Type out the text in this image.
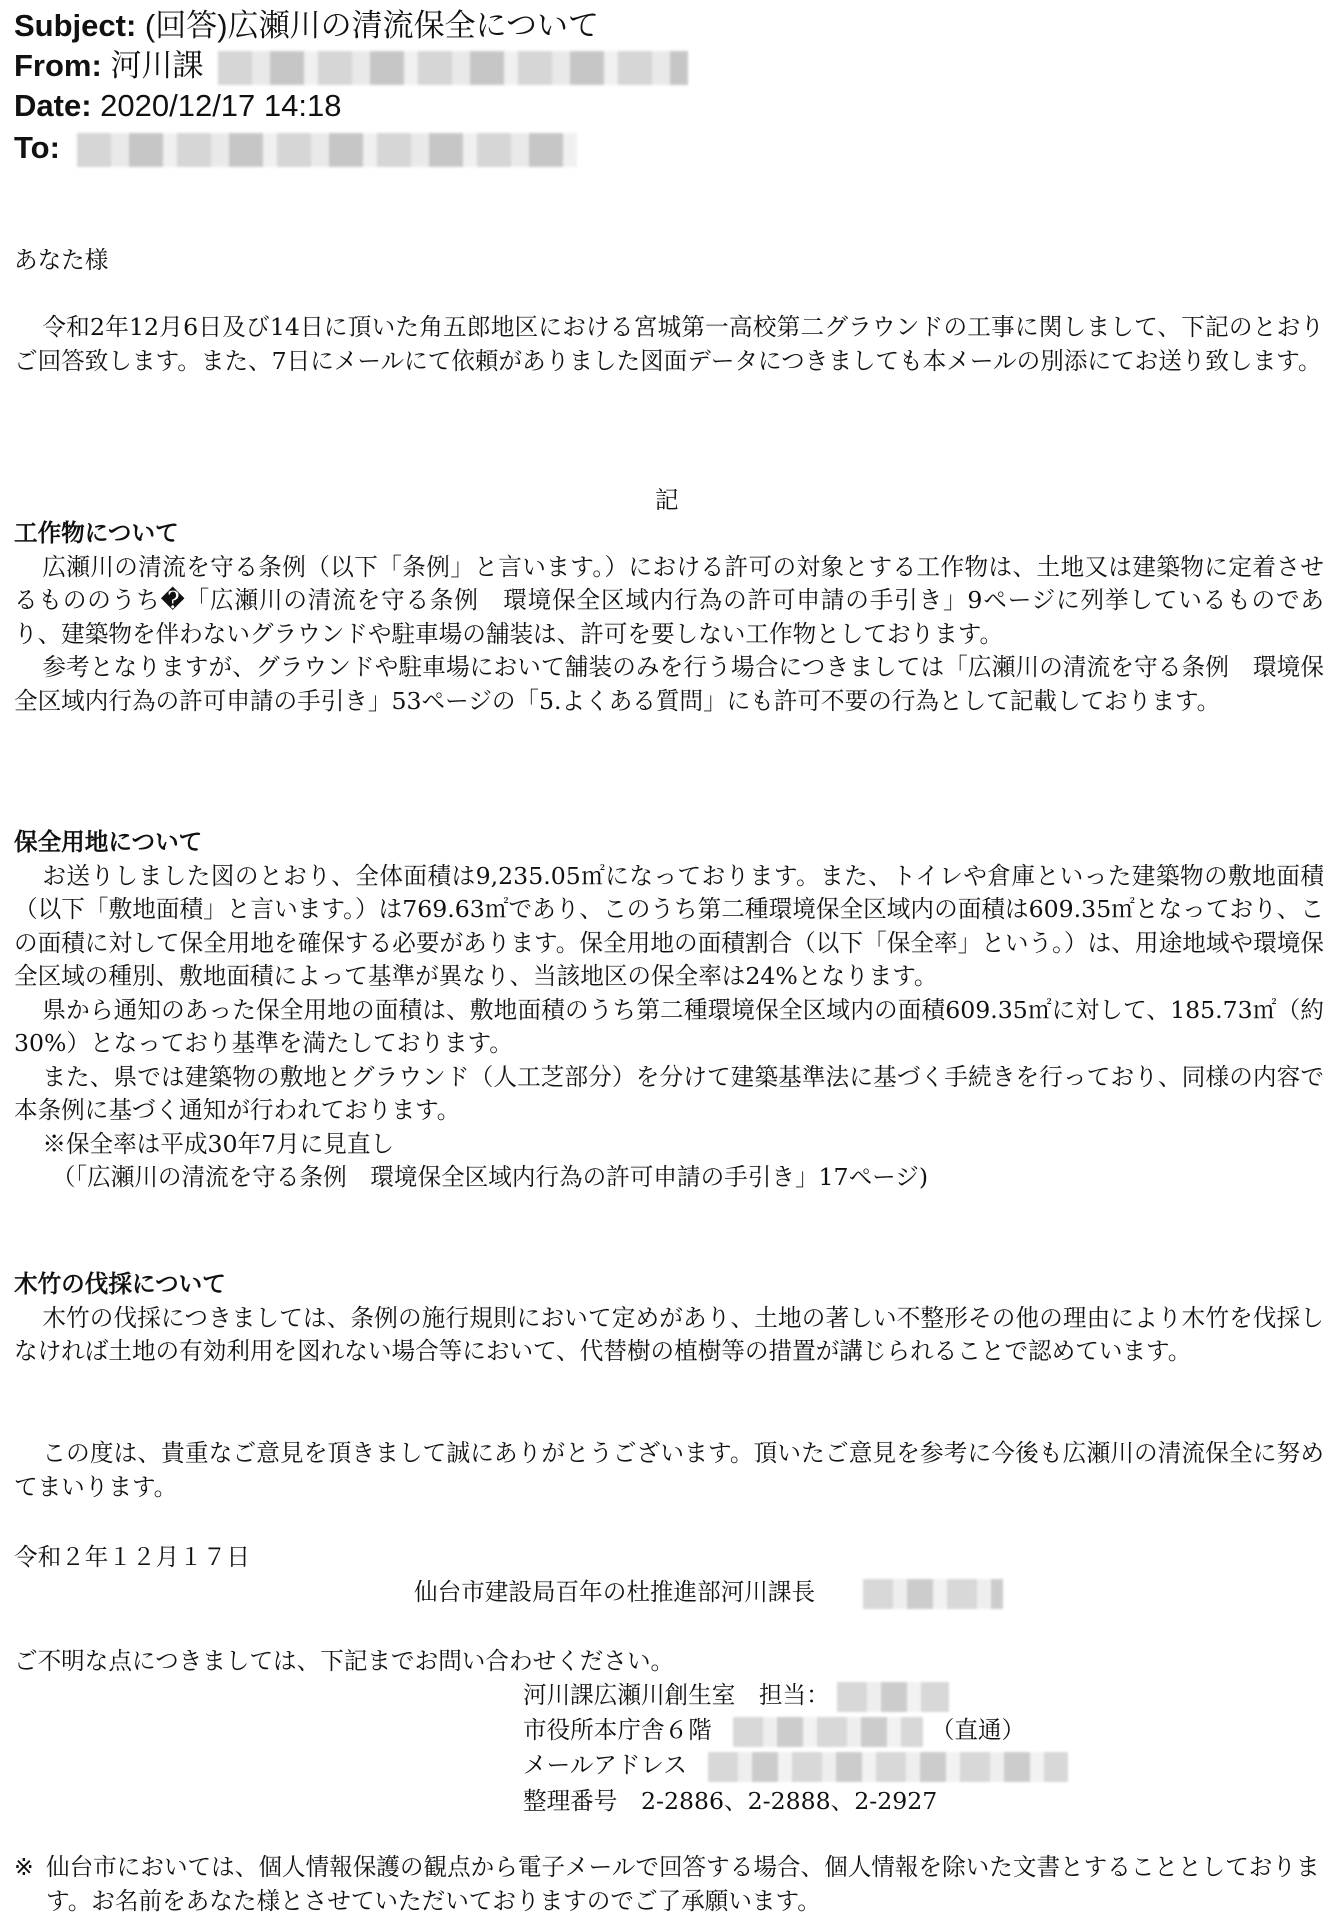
Subject: (回答)広瀬川の清流保全について
From: 河川課
Date: 2020/12/17 14:18
To:
あなた様

令和2年12月6日及び14日に頂いた角五郎地区における宮城第一高校第二グラウンドの工事に関しまして、下記のとおりご回答致します。また、7日にメールにて依頼がありました図面データにつきましても本メールの別添にてお送り致します。

記
工作物について

広瀬川の清流を守る条例（以下「条例」と言います。）における許可の対象とする工作物は、土地又は建築物に定着させるもののうち�「広瀬川の清流を守る条例　環境保全区域内行為の許可申請の手引き」9ページに列挙しているものであり、建築物を伴わないグラウンドや駐車場の舗装は、許可を要しない工作物としております。

参考となりますが、グラウンドや駐車場において舗装のみを行う場合につきましては「広瀬川の清流を守る条例　環境保全区域内行為の許可申請の手引き」53ページの「5.よくある質問」にも許可不要の行為として記載しております。

保全用地について

お送りしました図のとおり、全体面積は9,235.05㎡になっております。また、トイレや倉庫といった建築物の敷地面積（以下「敷地面積」と言います。）は769.63㎡であり、このうち第二種環境保全区域内の面積は609.35㎡となっており、この面積に対して保全用地を確保する必要があります。保全用地の面積割合（以下「保全率」という。）は、用途地域や環境保全区域の種別、敷地面積によって基準が異なり、当該地区の保全率は24%となります。

県から通知のあった保全用地の面積は、敷地面積のうち第二種環境保全区域内の面積609.35㎡に対して、185.73㎡（約30%）となっており基準を満たしております。

また、県では建築物の敷地とグラウンド（人工芝部分）を分けて建築基準法に基づく手続きを行っており、同様の内容で本条例に基づく通知が行われております。

※保全率は平成30年7月に見直し

（「広瀬川の清流を守る条例　環境保全区域内行為の許可申請の手引き」17ページ)

木竹の伐採について

木竹の伐採につきましては、条例の施行規則において定めがあり、土地の著しい不整形その他の理由により木竹を伐採しなければ土地の有効利用を図れない場合等において、代替樹の植樹等の措置が講じられることで認めています。

この度は、貴重なご意見を頂きまして誠にありがとうございます。頂いたご意見を参考に今後も広瀬川の清流保全に努めてまいります。

令和２年１２月１７日
仙台市建設局百年の杜推進部河川課長
ご不明な点につきましては、下記までお問い合わせください。
河川課広瀬川創生室　担当：
市役所本庁舎６階	（直通）
メールアドレス
整理番号　2-2886、2-2888、2-2927
※ 仙台市においては、個人情報保護の観点から電子メールで回答する場合、個人情報を除いた文書とすることとしております。お名前をあなた様とさせていただいておりますのでご了承願います。
